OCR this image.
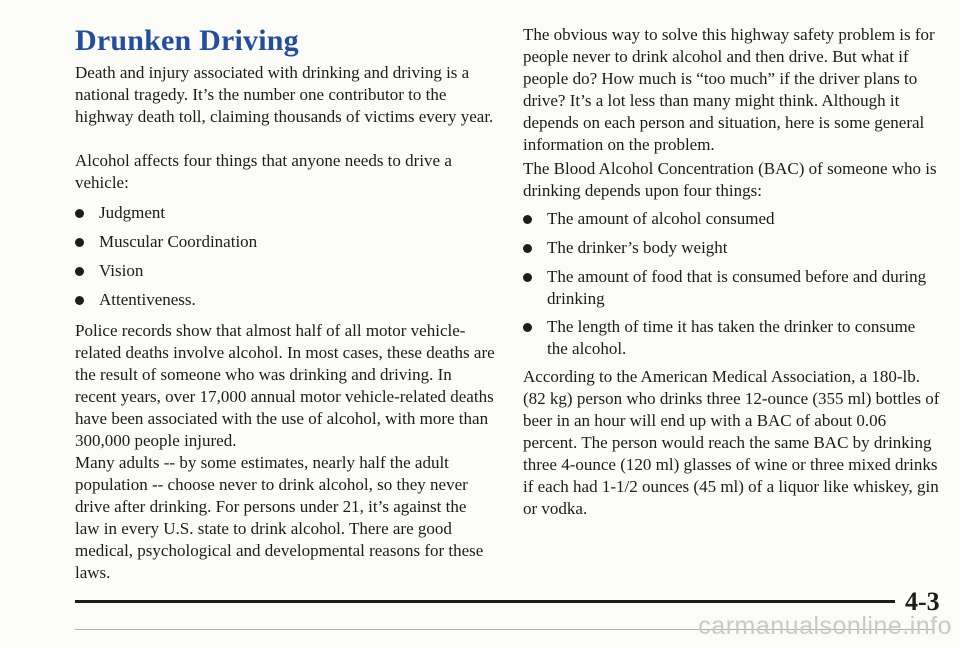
Drunken Driving

Death and injury associated with drinking and driving is a national tragedy. It’s the number one contributor to the highway death toll, claiming thousands of victims every year.

Alcohol affects four things that anyone needs to drive a vehicle:

Judgment
Muscular Coordination
Vision
Attentiveness.

Police records show that almost half of all motor vehicle-related deaths involve alcohol. In most cases, these deaths are the result of someone who was drinking and driving. In recent years, over 17,000 annual motor vehicle-related deaths have been associated with the use of alcohol, with more than 300,000 people injured.

Many adults -- by some estimates, nearly half the adult population -- choose never to drink alcohol, so they never drive after drinking. For persons under 21, it’s against the law in every U.S. state to drink alcohol. There are good medical, psychological and developmental reasons for these laws.

The obvious way to solve this highway safety problem is for people never to drink alcohol and then drive. But what if people do? How much is “too much” if the driver plans to drive? It’s a lot less than many might think. Although it depends on each person and situation, here is some general information on the problem.

The Blood Alcohol Concentration (BAC) of someone who is drinking depends upon four things:

The amount of alcohol consumed
The drinker’s body weight
The amount of food that is consumed before and during drinking
The length of time it has taken the drinker to consume the alcohol.

According to the American Medical Association, a 180-lb. (82 kg) person who drinks three 12-ounce (355 ml) bottles of beer in an hour will end up with a BAC of about 0.06 percent. The person would reach the same BAC by drinking three 4-ounce (120 ml) glasses of wine or three mixed drinks if each had 1-1/2 ounces (45 ml) of a liquor like whiskey, gin or vodka.

4-3
carmanualsonline.info
